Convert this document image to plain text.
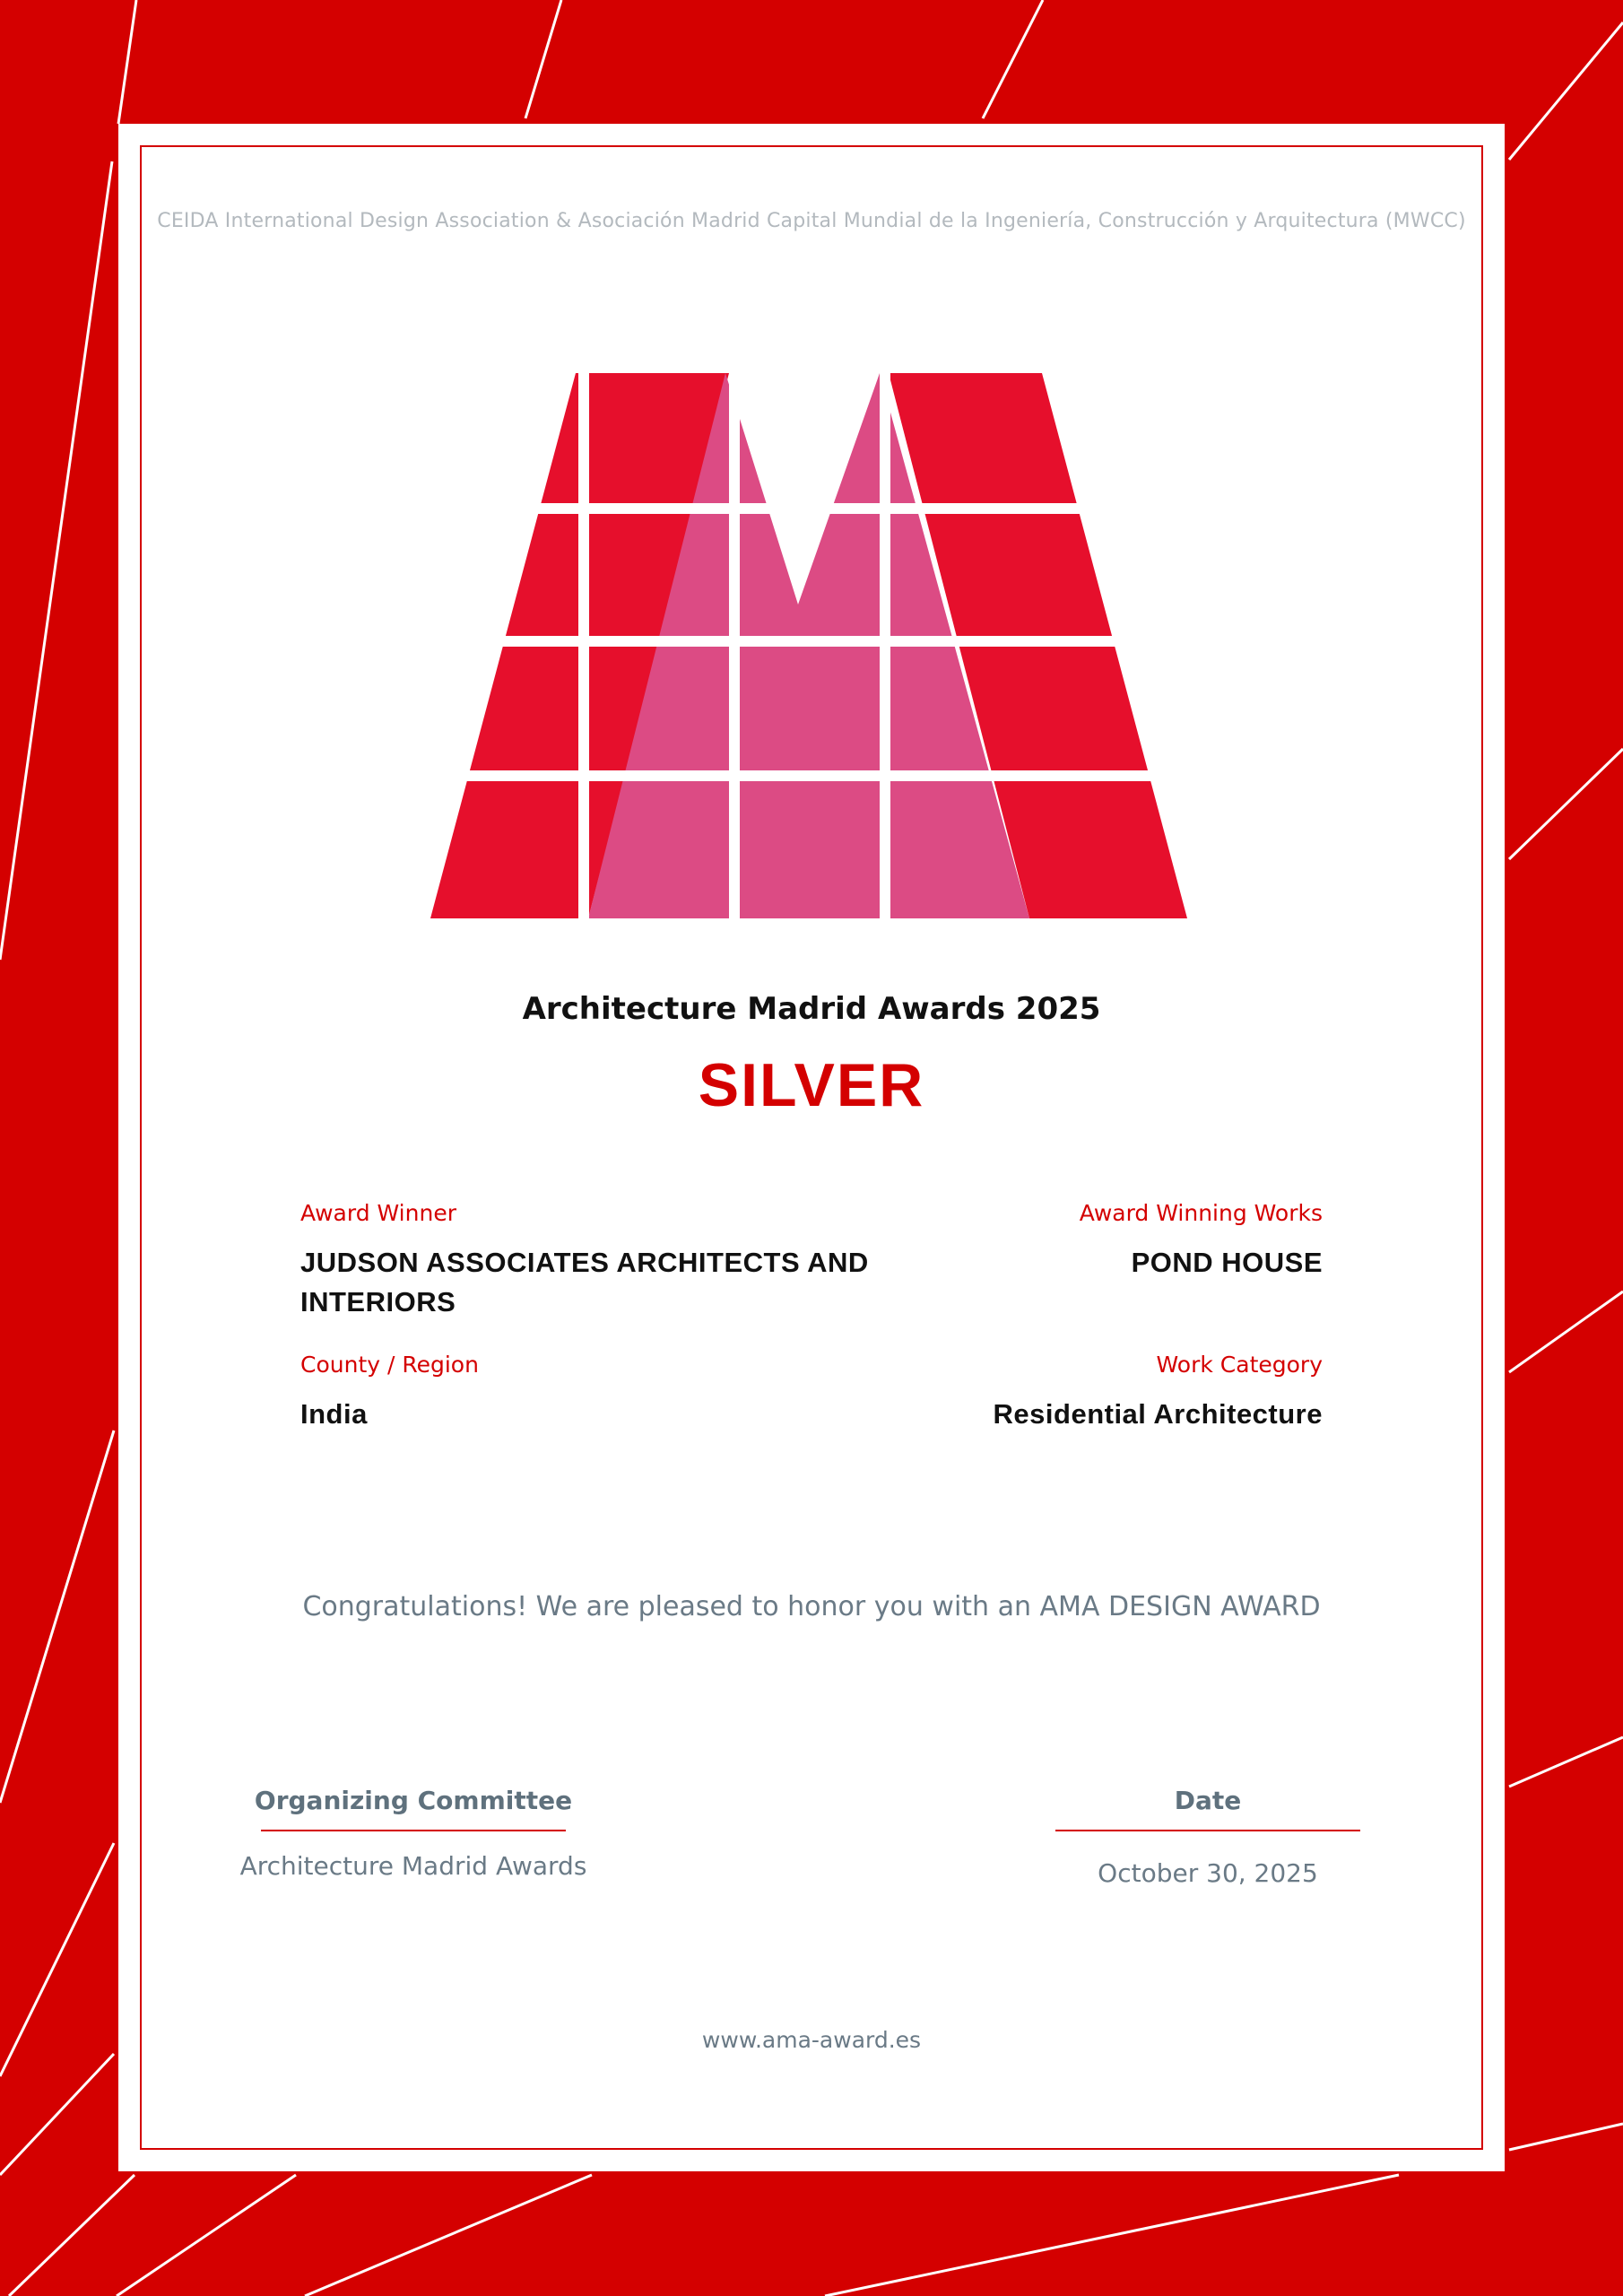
CEIDA International Design Association & Asociación Madrid Capital Mundial de la Ingeniería, Construcción y Arquitectura (MWCC)
Architecture Madrid Awards 2025
SILVER
Award Winner
JUDSON ASSOCIATES ARCHITECTS AND INTERIORS
Award Winning Works
POND HOUSE
County / Region
India
Work Category
Residential Architecture
Congratulations! We are pleased to honor you with an AMA DESIGN AWARD
Organizing Committee
Architecture Madrid Awards
Date
October 30, 2025
www.ama-award.es
